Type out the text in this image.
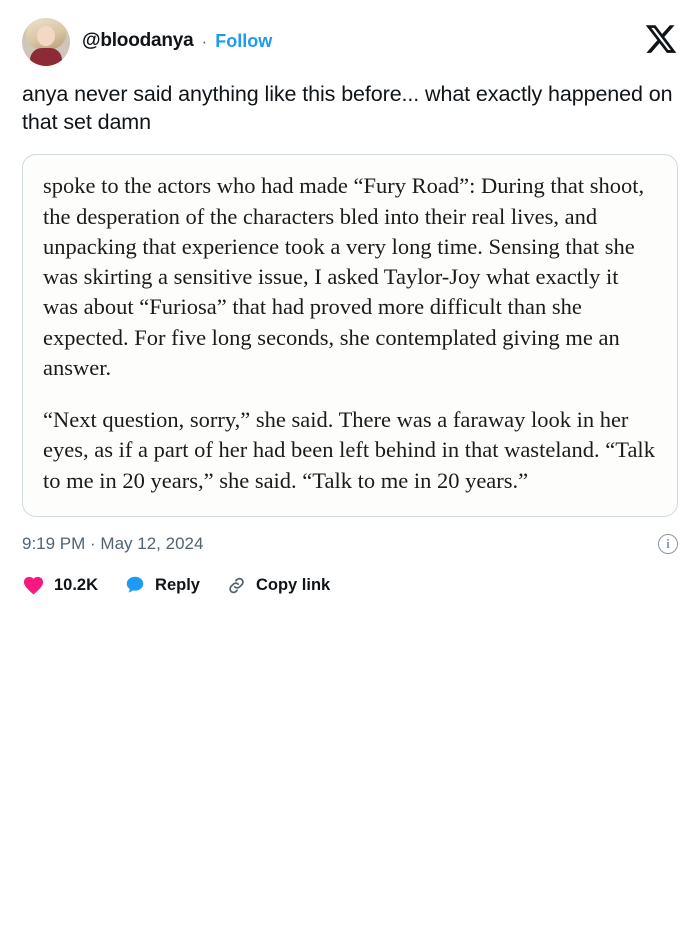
@bloodanya · Follow

anya never said anything like this before... what exactly happened on that set damn

spoke to the actors who had made “Fury Road”: During that shoot, the desperation of the characters bled into their real lives, and unpacking that experience took a very long time. Sensing that she was skirting a sensitive issue, I asked Taylor-Joy what exactly it was about “Furiosa” that had proved more difficult than she expected. For five long seconds, she contemplated giving me an answer.

“Next question, sorry,” she said. There was a faraway look in her eyes, as if a part of her had been left behind in that wasteland. “Talk to me in 20 years,” she said. “Talk to me in 20 years.”

9:19 PM · May 12, 2024	i
10.2K	Reply	Copy link
